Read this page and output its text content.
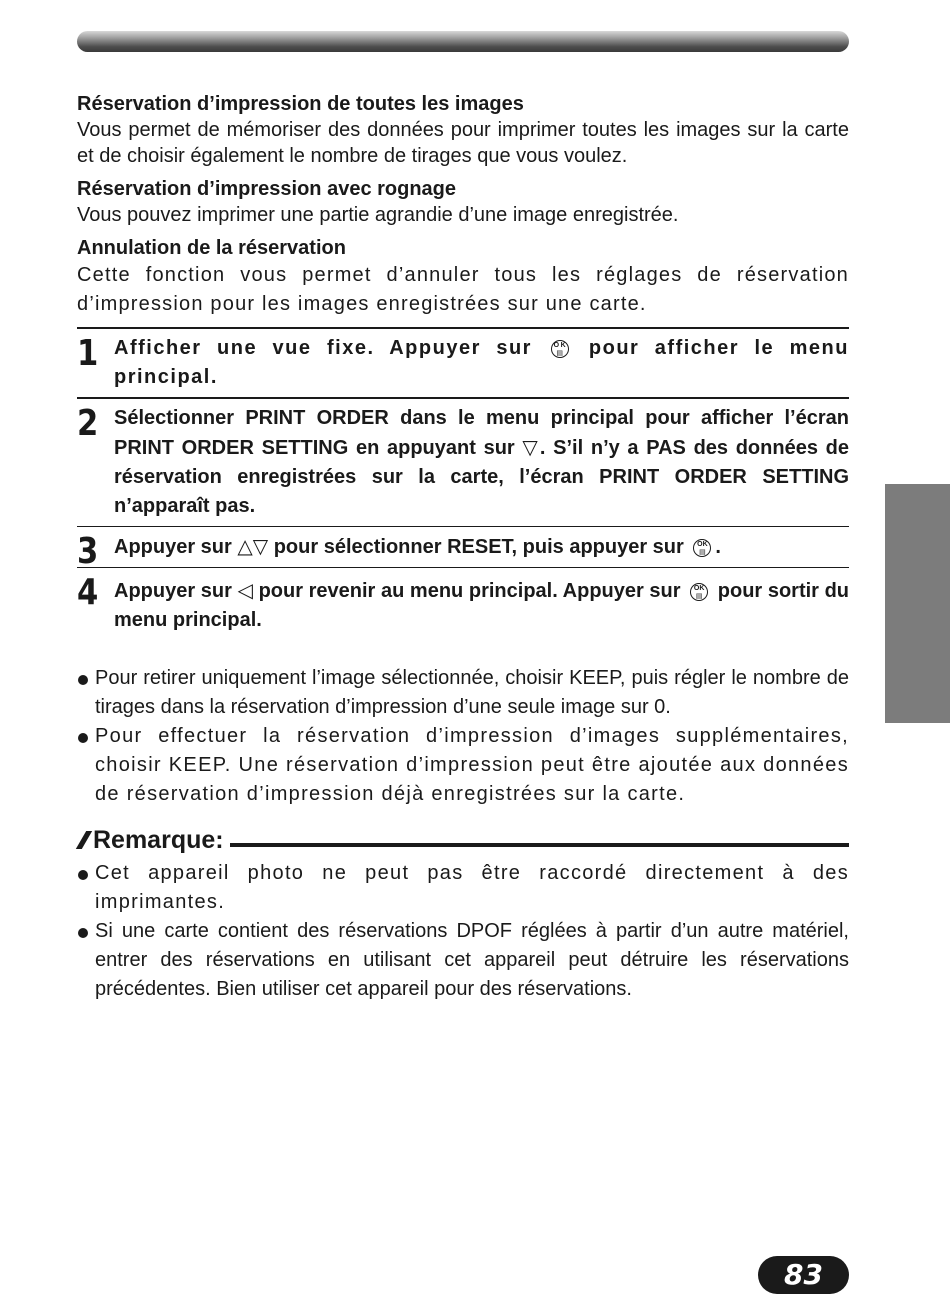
Réservation d’impression de toutes les images

Vous permet de mémoriser des données pour imprimer toutes les images sur la carte et de choisir également le nombre de tirages que vous voulez.

Réservation d’impression avec rognage

Vous pouvez imprimer une partie agrandie d’une image enregistrée.

Annulation de la réservation

Cette fonction vous permet d’annuler tous les réglages de réservation d’impression pour les images enregistrées sur une carte.

1 Afficher une vue fixe. Appuyer sur	OK
▤ pour afficher le menu principal.
2 Sélectionner PRINT ORDER dans le menu principal pour afficher l’écran PRINT ORDER SETTING en appuyant sur ▽. S’il n’y a PAS des données de réservation enregistrées sur la carte, l’écran PRINT ORDER SETTING n’apparaît pas.
3 Appuyer sur △▽ pour sélectionner RESET, puis appuyer sur OK
▤ .
4 Appuyer sur ◁ pour revenir au menu principal. Appuyer sur OK
▤ pour sortir du menu principal.
Pour retirer uniquement l’image sélectionnée, choisir KEEP, puis régler le nombre de tirages dans la réservation d’impression d’une seule image sur 0.
Pour effectuer la réservation d’impression d’images supplémentaires, choisir KEEP. Une réservation d’impression peut être ajoutée aux données de réservation d’impression déjà enregistrées sur la carte.
Remarque:
Cet appareil photo ne peut pas être raccordé directement à des imprimantes.
Si une carte contient des réservations DPOF réglées à partir d’un autre matériel, entrer des réservations en utilisant cet appareil peut détruire les réservations précédentes. Bien utiliser cet appareil pour des réservations.
83
